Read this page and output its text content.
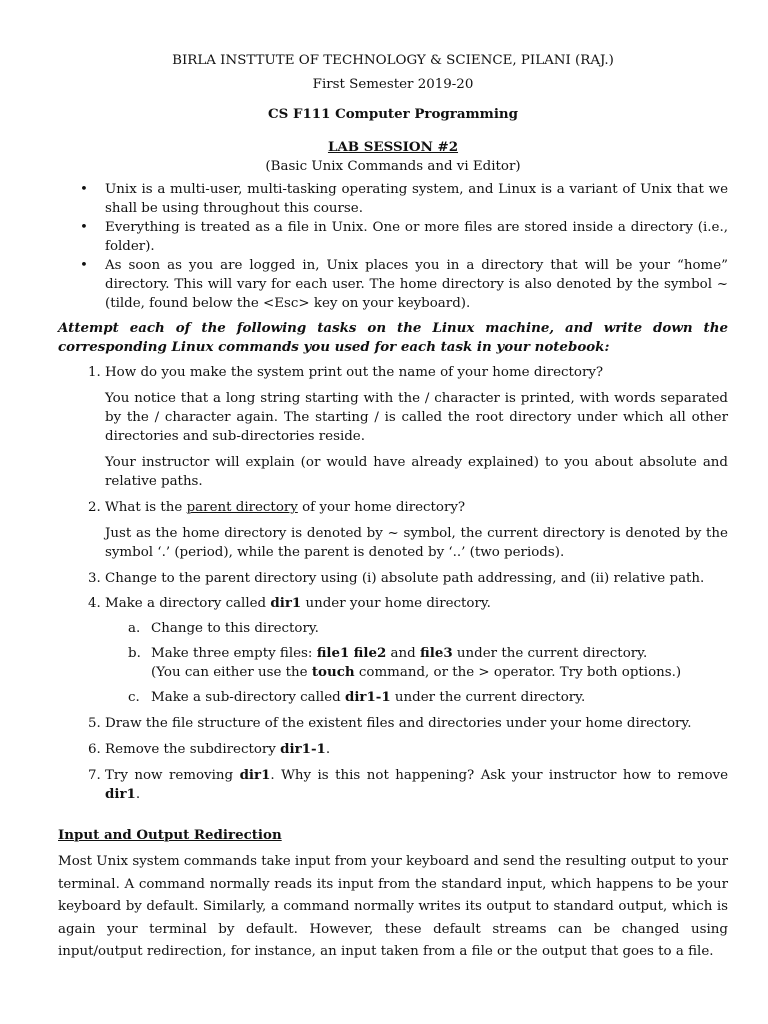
BIRLA INSTTUTE OF TECHNOLOGY & SCIENCE, PILANI (RAJ.)
First Semester 2019-20
CS F111 Computer Programming
LAB SESSION #2
(Basic Unix Commands and vi Editor)
• Unix is a multi-user, multi-tasking operating system, and Linux is a variant of Unix that we shall be using throughout this course.
• Everything is treated as a file in Unix. One or more files are stored inside a directory (i.e., folder).
• As soon as you are logged in, Unix places you in a directory that will be your “home” directory. This will vary for each user. The home directory is also denoted by the symbol ~ (tilde, found below the <Esc> key on your keyboard).
Attempt each of the following tasks on the Linux machine, and write down the corresponding Linux commands you used for each task in your notebook:
1. How do you make the system print out the name of your home directory?
You notice that a long string starting with the / character is printed, with words separated by the / character again. The starting / is called the root directory under which all other directories and sub-directories reside.
Your instructor will explain (or would have already explained) to you about absolute and relative paths.
2. What is the parent directory of your home directory?
Just as the home directory is denoted by ~ symbol, the current directory is denoted by the symbol ‘.’ (period), while the parent is denoted by ‘..’ (two periods).
3. Change to the parent directory using (i) absolute path addressing, and (ii) relative path.
4. Make a directory called dir1 under your home directory.
a. Change to this directory.
b. Make three empty files: file1 file2 and file3 under the current directory.
(You can either use the touch command, or the > operator. Try both options.)
c. Make a sub-directory called dir1-1 under the current directory.
5. Draw the file structure of the existent files and directories under your home directory.
6. Remove the subdirectory dir1-1.
7. Try now removing dir1. Why is this not happening? Ask your instructor how to remove dir1.
Input and Output Redirection
Most Unix system commands take input from your keyboard and send the resulting output to your terminal. A command normally reads its input from the standard input, which happens to be your keyboard by default. Similarly, a command normally writes its output to standard output, which is again your terminal by default. However, these default streams can be changed using input/output redirection, for instance, an input taken from a file or the output that goes to a file.
